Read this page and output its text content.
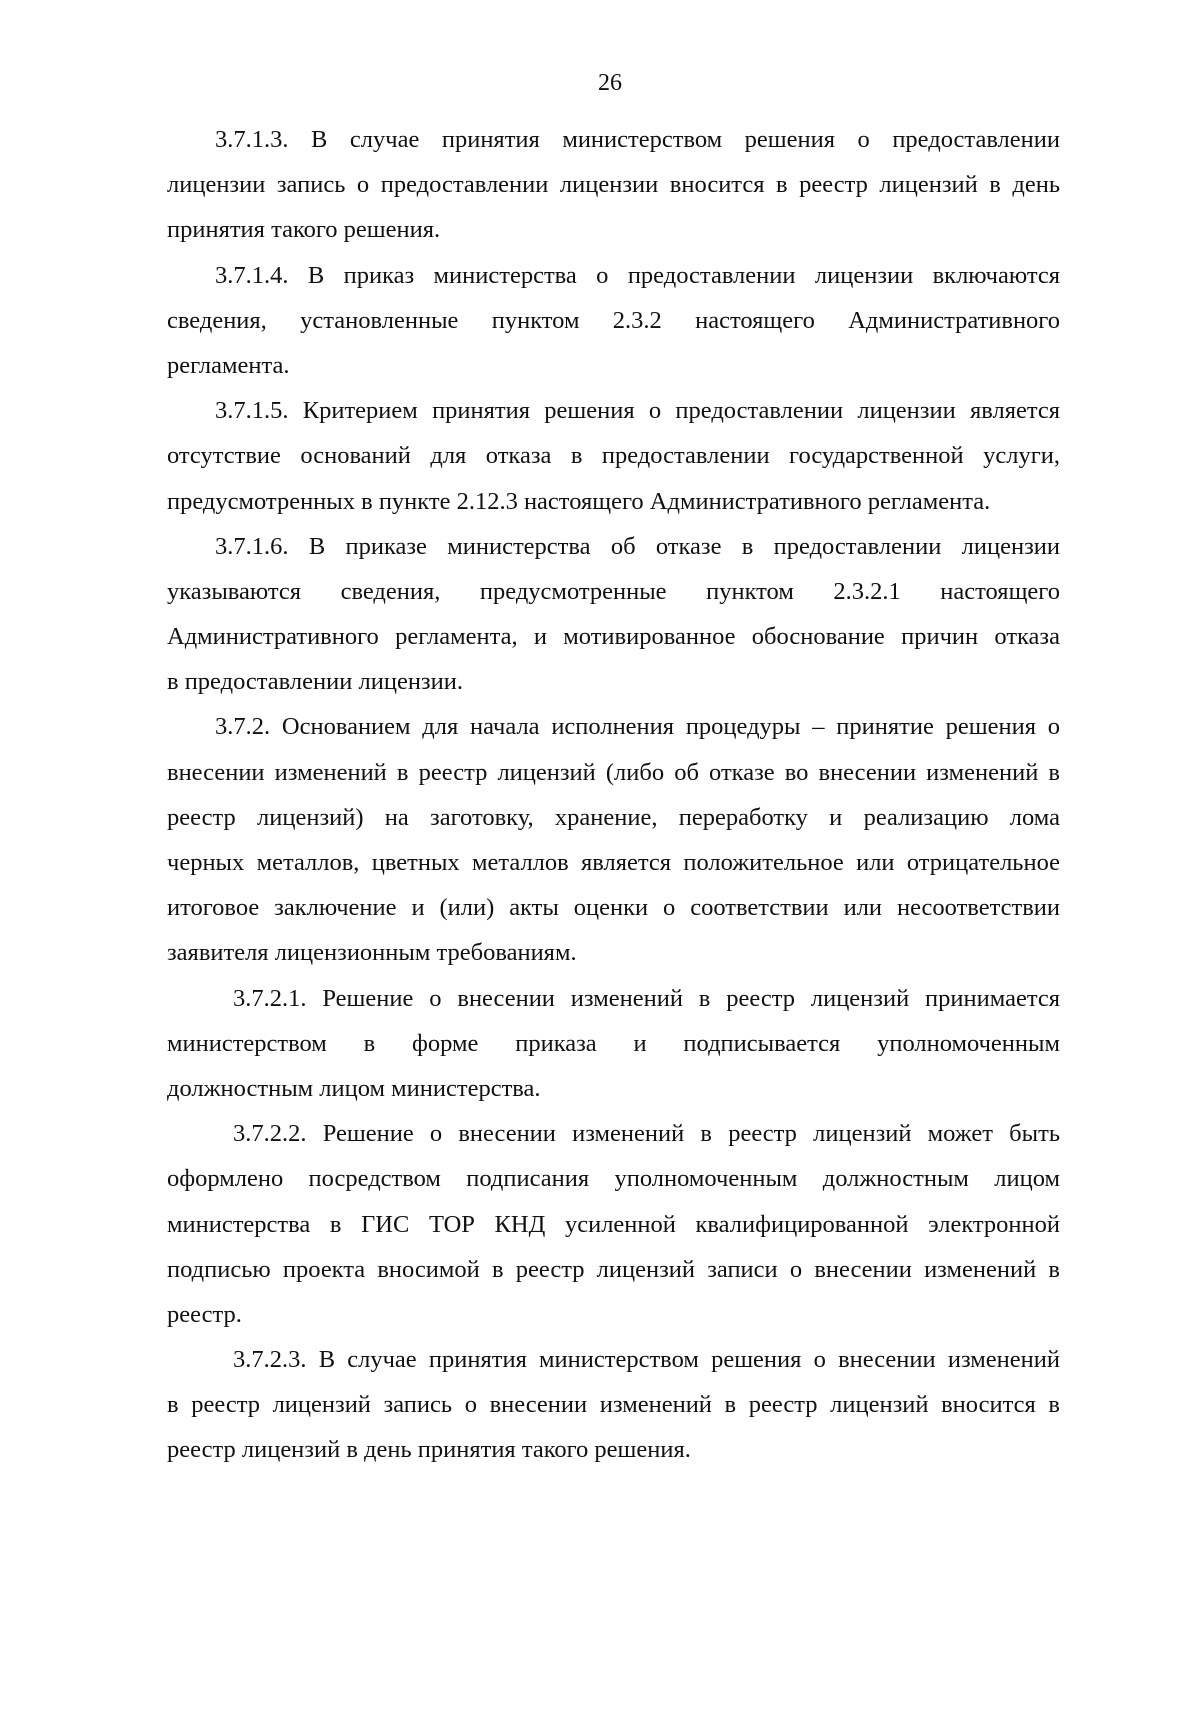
26
3.7.1.3. В случае принятия министерством решения о предоставлении
лицензии запись о предоставлении лицензии вносится в реестр лицензий в день
принятия такого решения.
3.7.1.4. В приказ министерства о предоставлении лицензии включаются
сведения, установленные пунктом 2.3.2 настоящего Административного
регламента.
3.7.1.5. Критерием принятия решения о предоставлении лицензии является
отсутствие оснований для отказа в предоставлении государственной услуги,
предусмотренных в пункте 2.12.3 настоящего Административного регламента.
3.7.1.6. В приказе министерства об отказе в предоставлении лицензии
указываются сведения, предусмотренные пунктом 2.3.2.1 настоящего
Административного регламента, и мотивированное обоснование причин отказа
в предоставлении лицензии.
3.7.2. Основанием для начала исполнения процедуры – принятие решения о
внесении изменений в реестр лицензий (либо об отказе во внесении изменений в
реестр лицензий) на заготовку, хранение, переработку и реализацию лома
черных металлов, цветных металлов является положительное или отрицательное
итоговое заключение и (или) акты оценки о соответствии или несоответствии
заявителя лицензионным требованиям.
3.7.2.1. Решение о внесении изменений в реестр лицензий принимается
министерством в форме приказа и подписывается уполномоченным
должностным лицом министерства.
3.7.2.2. Решение о внесении изменений в реестр лицензий может быть
оформлено посредством подписания уполномоченным должностным лицом
министерства в ГИС ТОР КНД усиленной квалифицированной электронной
подписью проекта вносимой в реестр лицензий записи о внесении изменений в
реестр.
3.7.2.3. В случае принятия министерством решения о внесении изменений
в реестр лицензий запись о внесении изменений в реестр лицензий вносится в
реестр лицензий в день принятия такого решения.
